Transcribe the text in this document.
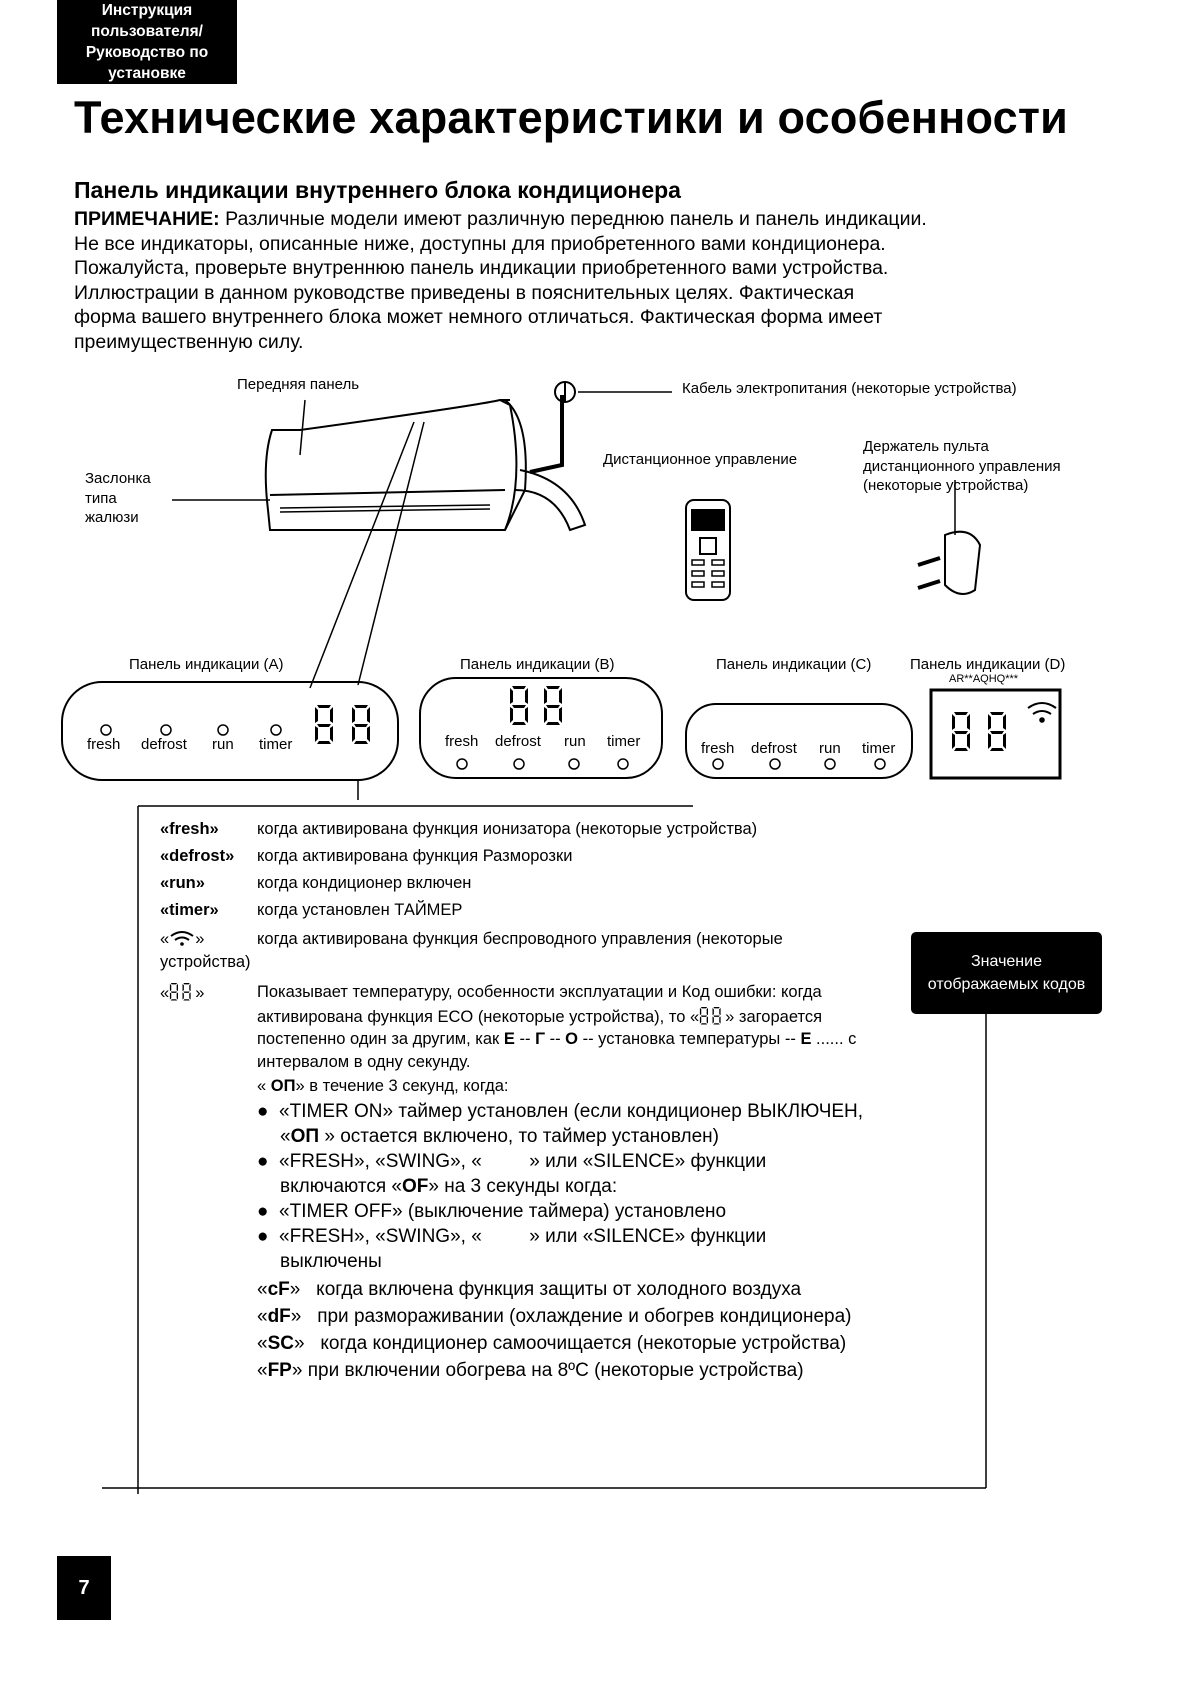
Инструкция
пользователя/
Руководство по
установке
Технические характеристики и особенности
Панель индикации внутреннего блока кондиционера
ПРИМЕЧАНИЕ: Различные модели имеют различную переднюю панель и панель индикации.
Не все индикаторы, описанные ниже, доступны для приобретенного вами кондиционера.
Пожалуйста, проверьте внутреннюю панель индикации приобретенного вами устройства.
Иллюстрации в данном руководстве приведены в пояснительных целях. Фактическая
форма вашего внутреннего блока может немного отличаться. Фактическая форма имеет
преимущественную силу.
Передняя панель	Кабель электропитания (некоторые устройства)
Заслонка
типа
жалюзи
Дистанционное управление
Держатель пульта
дистанционного управления
(некоторые устройства)
Панель индикации (A)	Панель индикации (B)	Панель индикации (C)	Панель индикации (D)
AR**AQHQ***
fresh defrost run timer	fresh defrost run timer	fresh defrost run timer
Значение
отображаемых кодов
«fresh» когда активирована функция ионизатора (некоторые устройства)
«defrost» когда активирована функция Разморозки
«run»	когда кондиционер включен
«timer» когда установлен ТАЙМЕР
« »	когда активирована функция беспроводного управления (некоторые
устройства)
« »	Показывает температуру, особенности эксплуатации и Код ошибки: когда
активирована функция ECO (некоторые устройства), то « » загорается
постепенно один за другим, как Ε -- Γ -- Ο -- установка температуры -- Ε ...... с
интервалом в одну секунду.
« ΟΠ» в течение 3 секунд, когда:
●  «TIMER ON» таймер установлен (если кондиционер ВЫКЛЮЧЕН,
«ΟΠ » остается включено, то таймер установлен)
●  «FRESH», «SWING», «	» или «SILENCE» функции
включаются «ΟF» на 3 секунды когда:
●  «TIMER OFF» (выключение таймера) установлено
●  «FRESH», «SWING», «	» или «SILENCE» функции
выключены
«cF»   когда включена функция защиты от холодного воздуха
«dF»   при размораживании (охлаждение и обогрев кондиционера)
«SC»   когда кондиционер самоочищается (некоторые устройства)
«FP» при включении обогрева на 8ºC (некоторые устройства)
7
